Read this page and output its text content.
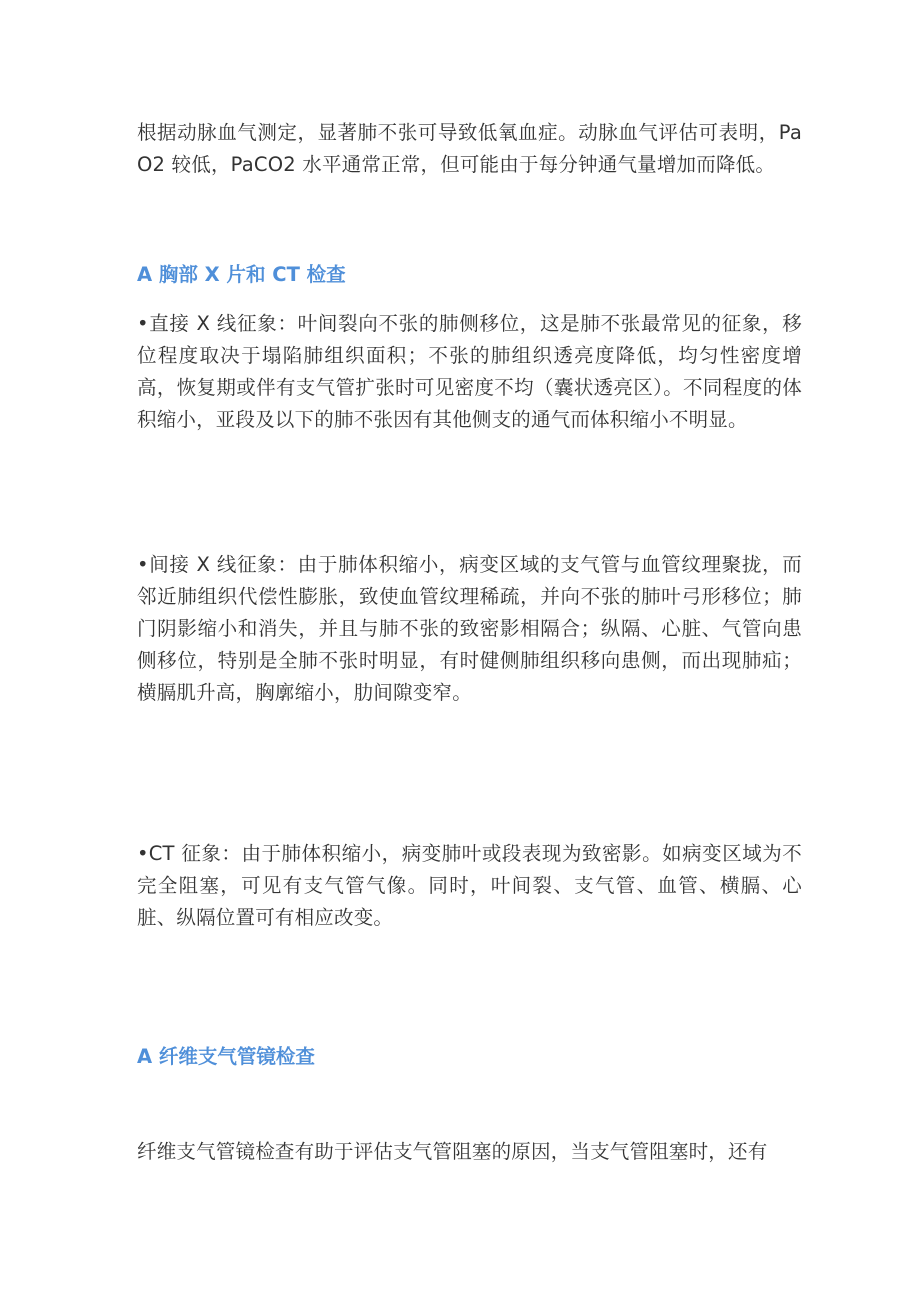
根据动脉血气测定，显著肺不张可导致低氧血症。动脉血气评估可表明，PaO2 较低，PaCO2 水平通常正常，但可能由于每分钟通气量增加而降低。

A 胸部 X 片和 CT 检查

•直接 X 线征象：叶间裂向不张的肺侧移位，这是肺不张最常见的征象，移位程度取决于塌陷肺组织面积；不张的肺组织透亮度降低，均匀性密度增高，恢复期或伴有支气管扩张时可见密度不均（囊状透亮区）。不同程度的体积缩小，亚段及以下的肺不张因有其他侧支的通气而体积缩小不明显。

•间接 X 线征象：由于肺体积缩小，病变区域的支气管与血管纹理聚拢，而邻近肺组织代偿性膨胀，致使血管纹理稀疏，并向不张的肺叶弓形移位；肺门阴影缩小和消失，并且与肺不张的致密影相隔合；纵隔、心脏、气管向患侧移位，特别是全肺不张时明显，有时健侧肺组织移向患侧，而出现肺疝；横膈肌升高，胸廓缩小，肋间隙变窄。

•CT 征象：由于肺体积缩小，病变肺叶或段表现为致密影。如病变区域为不完全阻塞，可见有支气管气像。同时，叶间裂、支气管、血管、横膈、心脏、纵隔位置可有相应改变。

A 纤维支气管镜检查

纤维支气管镜检查有助于评估支气管阻塞的原因，当支气管阻塞时，还有
